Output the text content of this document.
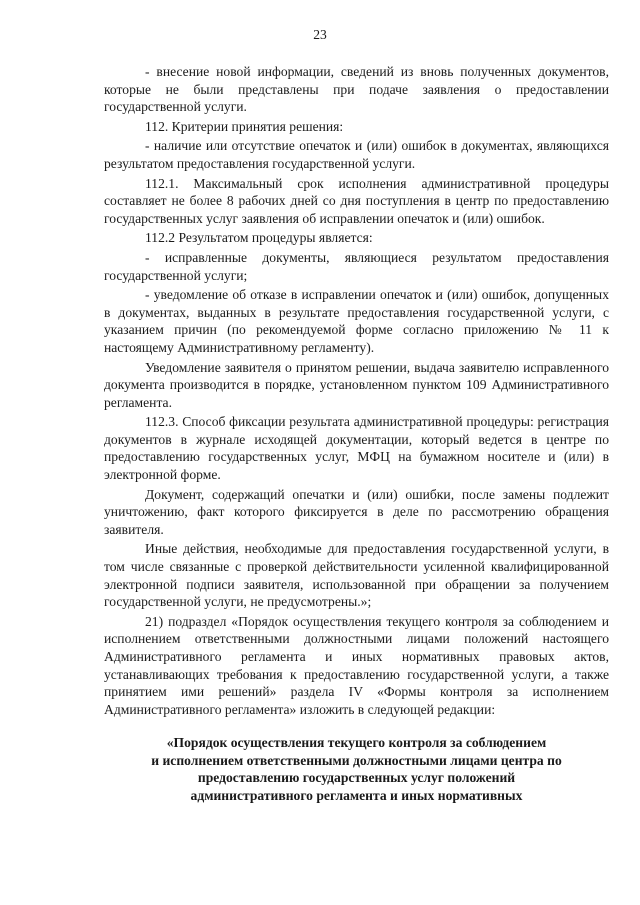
23

- внесение новой информации, сведений из вновь полученных документов, которые не были представлены при подаче заявления о предоставлении государственной услуги.

112. Критерии принятия решения:

- наличие или отсутствие опечаток и (или) ошибок в документах, являющихся результатом предоставления государственной услуги.

112.1. Максимальный срок исполнения административной процедуры составляет не более 8 рабочих дней со дня поступления в центр по предоставлению государственных услуг заявления об исправлении опечаток и (или) ошибок.

112.2 Результатом процедуры является:

- исправленные документы, являющиеся результатом предоставления государственной услуги;

- уведомление об отказе в исправлении опечаток и (или) ошибок, допущенных в документах, выданных в результате предоставления государственной услуги, с указанием причин (по рекомендуемой форме согласно приложению № 11 к настоящему Административному регламенту).

Уведомление заявителя о принятом решении, выдача заявителю исправленного документа производится в порядке, установленном пунктом 109 Административного регламента.

112.3. Способ фиксации результата административной процедуры: регистрация документов в журнале исходящей документации, который ведется в центре по предоставлению государственных услуг, МФЦ на бумажном носителе и (или) в электронной форме.

Документ, содержащий опечатки и (или) ошибки, после замены подлежит уничтожению, факт которого фиксируется в деле по рассмотрению обращения заявителя.

Иные действия, необходимые для предоставления государственной услуги, в том числе связанные с проверкой действительности усиленной квалифицированной электронной подписи заявителя, использованной при обращении за получением государственной услуги, не предусмотрены.»;

21) подраздел «Порядок осуществления текущего контроля за соблюдением и исполнением ответственными должностными лицами положений настоящего Административного регламента и иных нормативных правовых актов, устанавливающих требования к предоставлению государственной услуги, а также принятием ими решений» раздела IV «Формы контроля за исполнением Административного регламента» изложить в следующей редакции:

«Порядок осуществления текущего контроля за соблюдением
и исполнением ответственными должностными лицами центра по
предоставлению государственных услуг положений
административного регламента и иных нормативных
